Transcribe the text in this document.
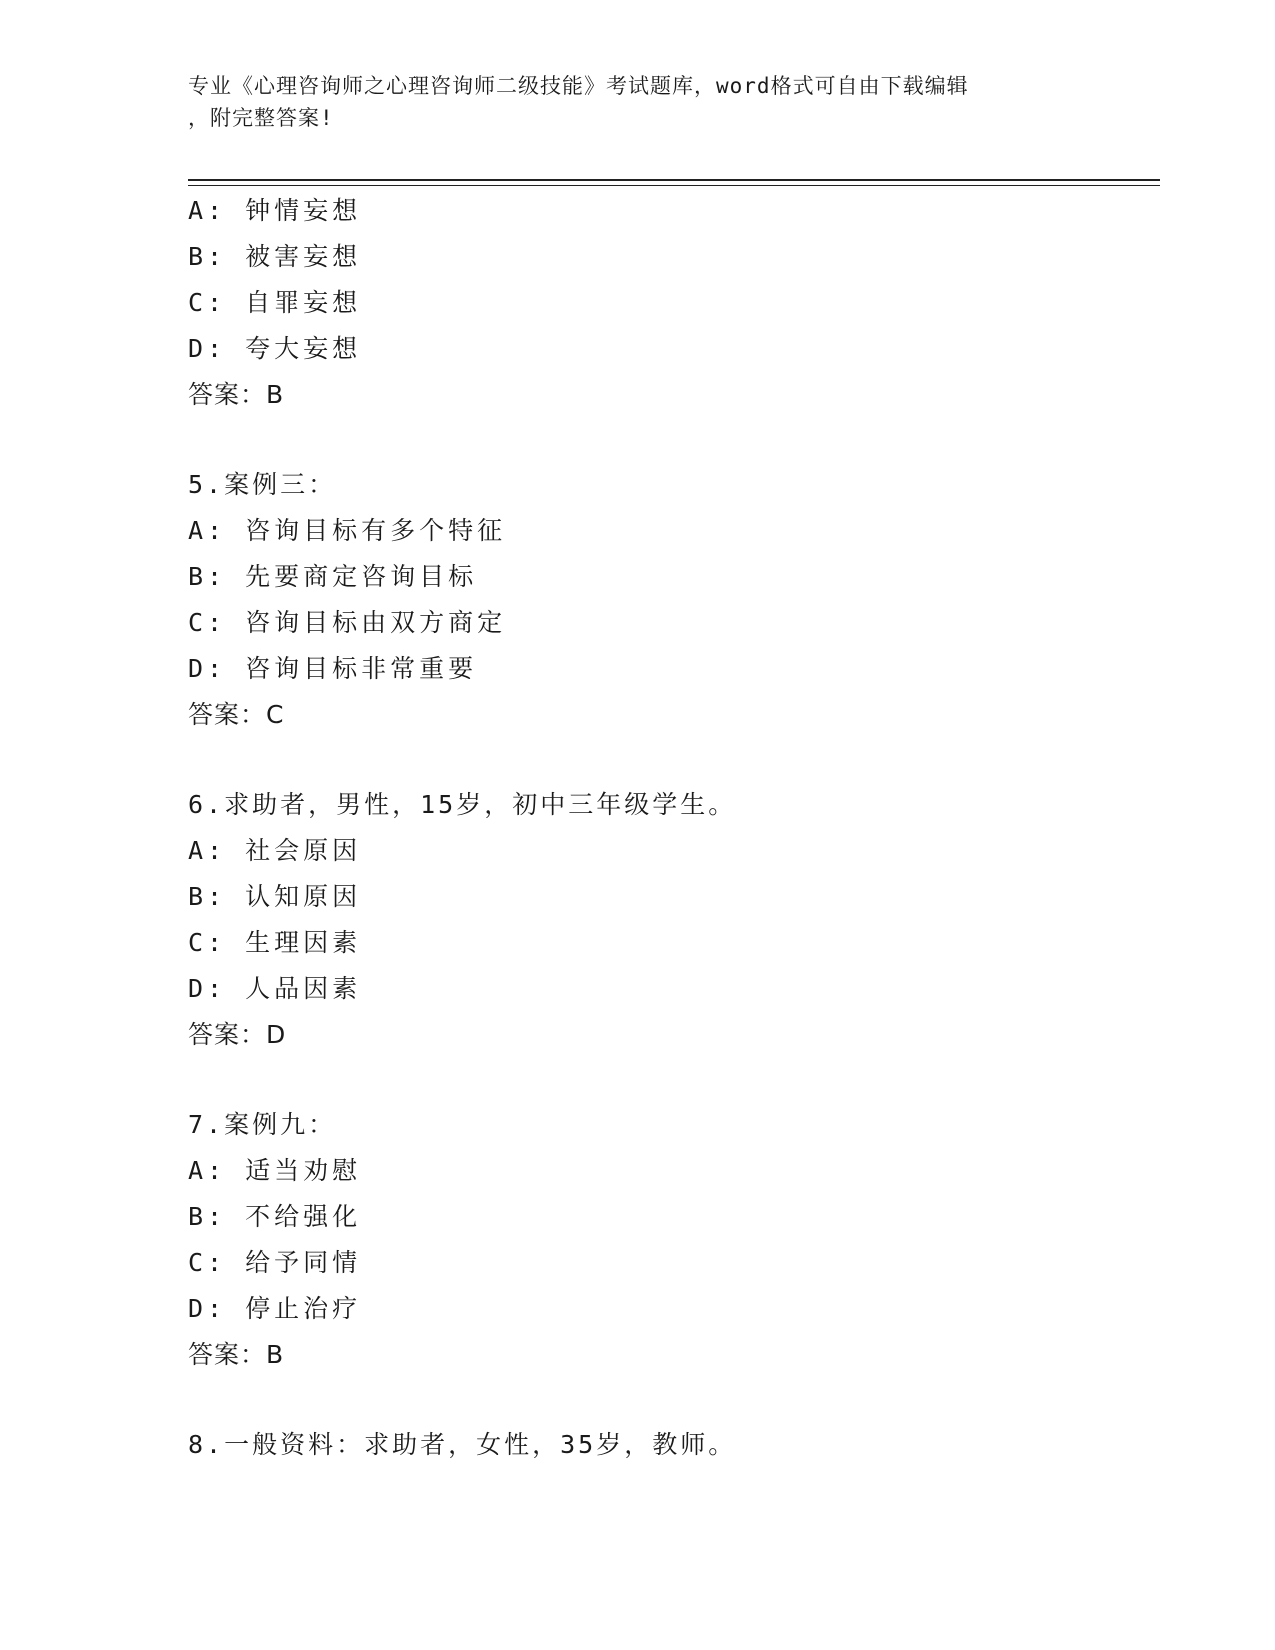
专业《心理咨询师之心理咨询师二级技能》考试题库，word格式可自由下载编辑
，附完整答案!
A: 钟情妄想
B: 被害妄想
C: 自罪妄想
D: 夸大妄想
答案：B
5.案例三：
A: 咨询目标有多个特征
B: 先要商定咨询目标
C: 咨询目标由双方商定
D: 咨询目标非常重要
答案：C
6.求助者，男性，15岁，初中三年级学生。
A: 社会原因
B: 认知原因
C: 生理因素
D: 人品因素
答案：D
7.案例九：
A: 适当劝慰
B: 不给强化
C: 给予同情
D: 停止治疗
答案：B
8.一般资料：求助者，女性，35岁，教师。
